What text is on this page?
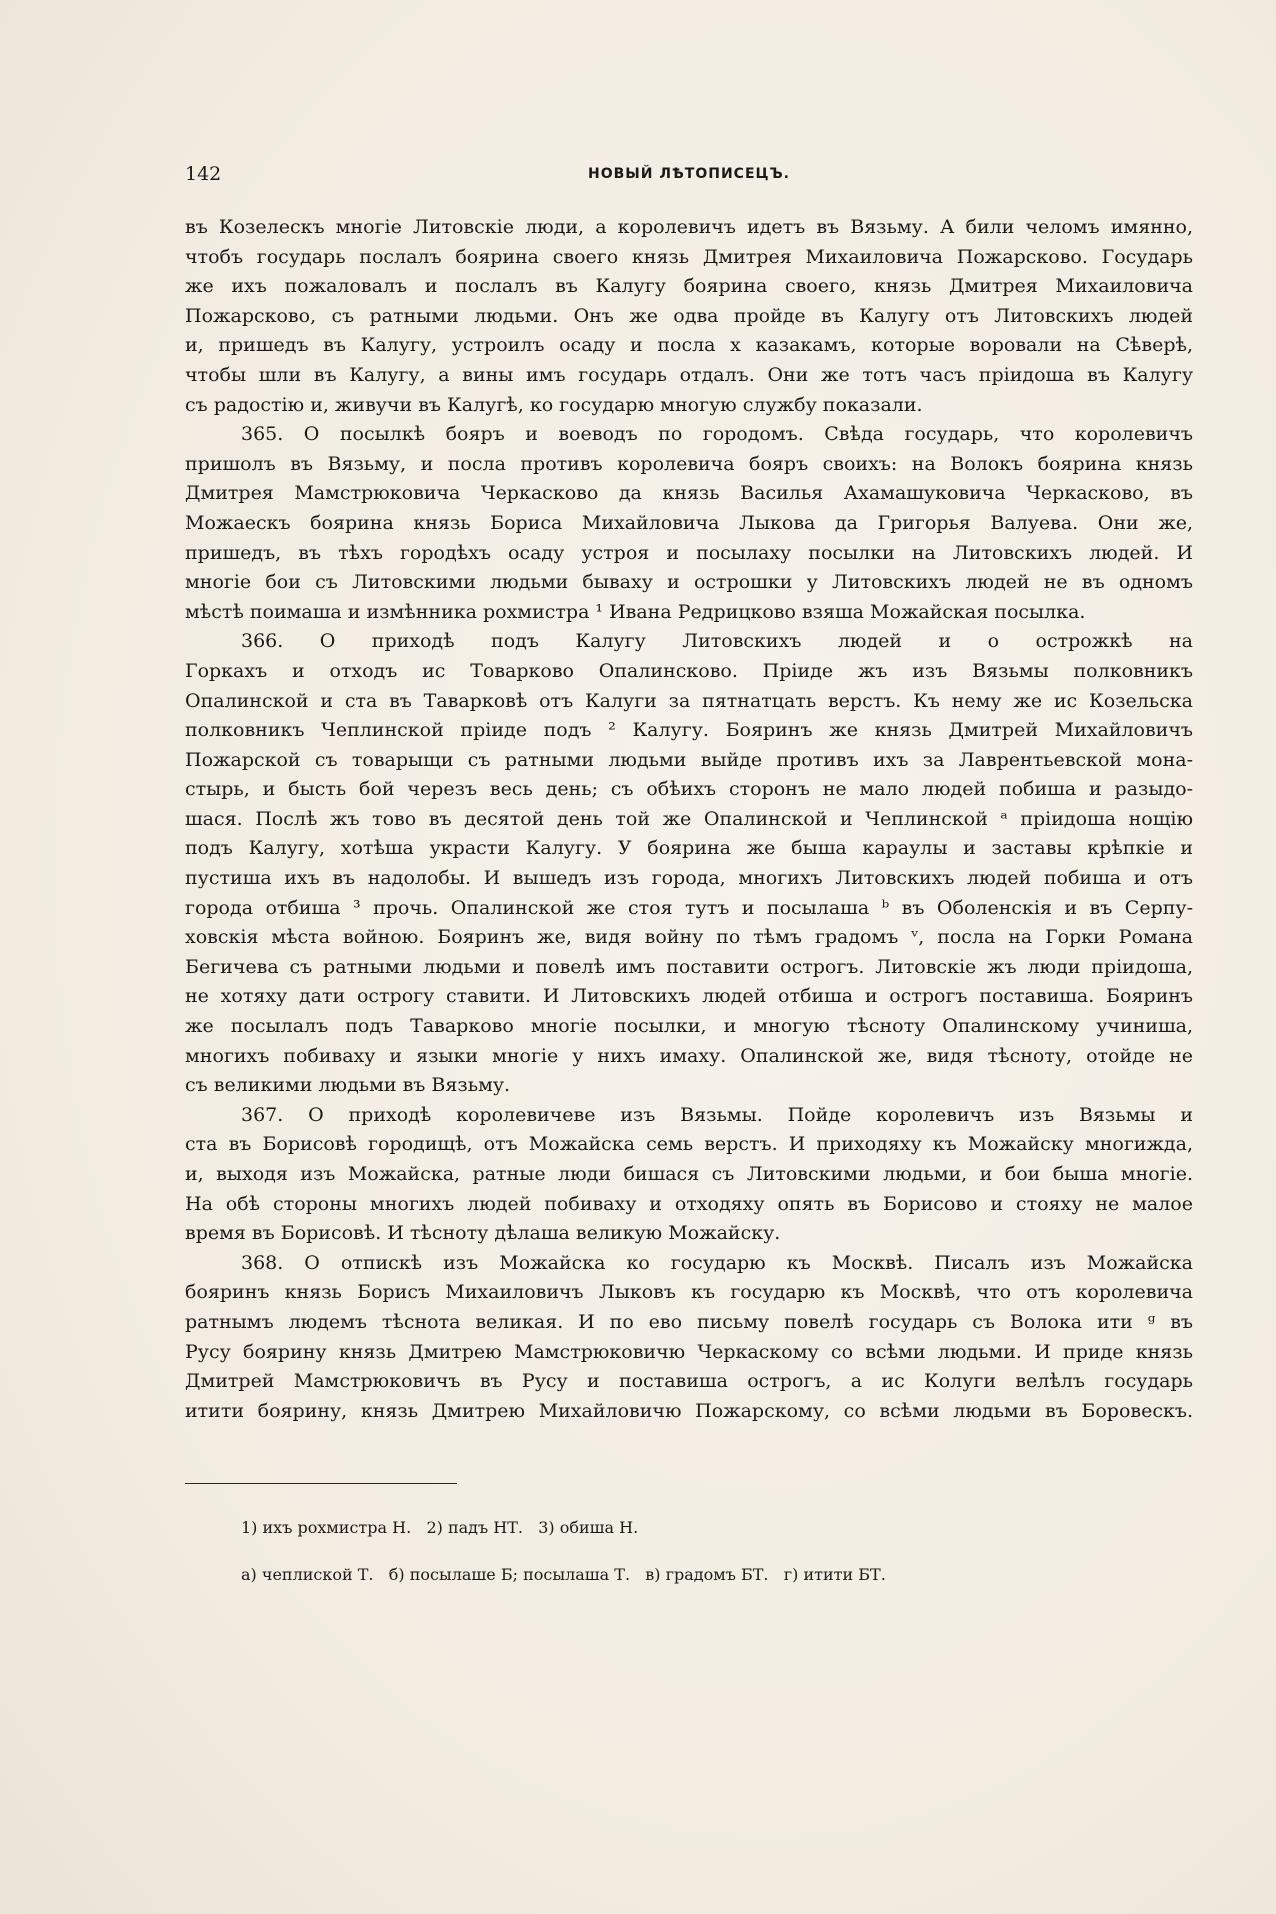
142	НОВЫЙ ЛѢТОПИСЕЦЪ.
въ Козелескъ многіе Литовскіе люди, а королевичъ идетъ въ Вязьму. А били челомъ имянно,
чтобъ государь послалъ боярина своего князь Дмитрея Михаиловича Пожарсково. Государь
же ихъ пожаловалъ и послалъ въ Калугу боярина своего, князь Дмитрея Михаиловича
Пожарсково, съ ратными людьми. Онъ же одва пройде въ Калугу отъ Литовскихъ людей
и, пришедъ въ Калугу, устроилъ осаду и посла х казакамъ, которые воровали на Сѣверѣ,
чтобы шли въ Калугу, а вины имъ государь отдалъ. Они же тотъ часъ пріидоша въ Калугу
съ радостію и, живучи въ Калугѣ, ко государю многую службу показали.
365. О посылкѣ бояръ и воеводъ по городомъ. Свѣда государь, что королевичъ
пришолъ въ Вязьму, и посла противъ королевича бояръ своихъ: на Волокъ боярина князь
Дмитрея Мамстрюковича Черкасково да князь Василья Ахамашуковича Черкасково, въ
Можаескъ боярина князь Бориса Михайловича Лыкова да Григорья Валуева. Они же,
пришедъ, въ тѣхъ городѣхъ осаду устроя и посылаху посылки на Литовскихъ людей. И
многіе бои съ Литовскими людьми бываху и острошки у Литовскихъ людей не въ одномъ
мѣстѣ поимаша и измѣнника рохмистра ¹ Ивана Редрицково взяша Можайская посылка.
366. О приходѣ подъ Калугу Литовскихъ людей и о острожкѣ на
Горкахъ и отходъ ис Товарково Опалинсково. Пріиде жъ изъ Вязьмы полковникъ
Опалинской и ста въ Таварковѣ отъ Калуги за пятнатцать верстъ. Къ нему же ис Козельска
полковникъ Чеплинской пріиде подъ ² Калугу. Бояринъ же князь Дмитрей Михайловичъ
Пожарской съ товарыщи съ ратными людьми выйде противъ ихъ за Лаврентьевской мона-
стырь, и бысть бой черезъ весь день; съ обѣихъ сторонъ не мало людей побиша и разыдо-
шася. Послѣ жъ тово въ десятой день той же Опалинской и Чеплинской ᵃ пріидоша нощію
подъ Калугу, хотѣша украсти Калугу. У боярина же быша караулы и заставы крѣпкіе и
пустиша ихъ въ надолобы. И вышедъ изъ города, многихъ Литовскихъ людей побиша и отъ
города отбиша ³ прочь. Опалинской же стоя тутъ и посылаша ᵇ въ Оболенскія и въ Серпу-
ховскія мѣста войною. Бояринъ же, видя войну по тѣмъ градомъ ᵛ, посла на Горки Романа
Бегичева съ ратными людьми и повелѣ имъ поставити острогъ. Литовскіе жъ люди пріидоша,
не хотяху дати острогу ставити. И Литовскихъ людей отбиша и острогъ поставиша. Бояринъ
же посылалъ подъ Таварково многіе посылки, и многую тѣсноту Опалинскому учиниша,
многихъ побиваху и языки многіе у нихъ имаху. Опалинской же, видя тѣсноту, отойде не
съ великими людьми въ Вязьму.
367. О приходѣ королевичеве изъ Вязьмы. Пойде королевичъ изъ Вязьмы и
ста въ Борисовѣ городищѣ, отъ Можайска семь верстъ. И приходяху къ Можайску многижда,
и, выходя изъ Можайска, ратные люди бишася съ Литовскими людьми, и бои быша многіе.
На обѣ стороны многихъ людей побиваху и отходяху опять въ Борисово и стояху не малое
время въ Борисовѣ. И тѣсноту дѣлаша великую Можайску.
368. О отпискѣ изъ Можайска ко государю къ Москвѣ. Писалъ изъ Можайска
бояринъ князь Борисъ Михаиловичъ Лыковъ къ государю къ Москвѣ, что отъ королевича
ратнымъ людемъ тѣснота великая. И по ево письму повелѣ государь съ Волока ити ᵍ въ
Русу боярину князь Дмитрею Мамстрюковичю Черкаскому со всѣми людьми. И приде князь
Дмитрей Мамстрюковичъ въ Русу и поставиша острогъ, а ис Колуги велѣлъ государь
итити боярину, князь Дмитрею Михайловичю Пожарскому, со всѣми людьми въ Боровескъ.
1) ихъ рохмистра Н.   2) падъ НТ.   3) обиша Н.
а) чеплиской Т.   б) посылаше Б; посылаша Т.   в) градомъ БТ.   г) итити БТ.
